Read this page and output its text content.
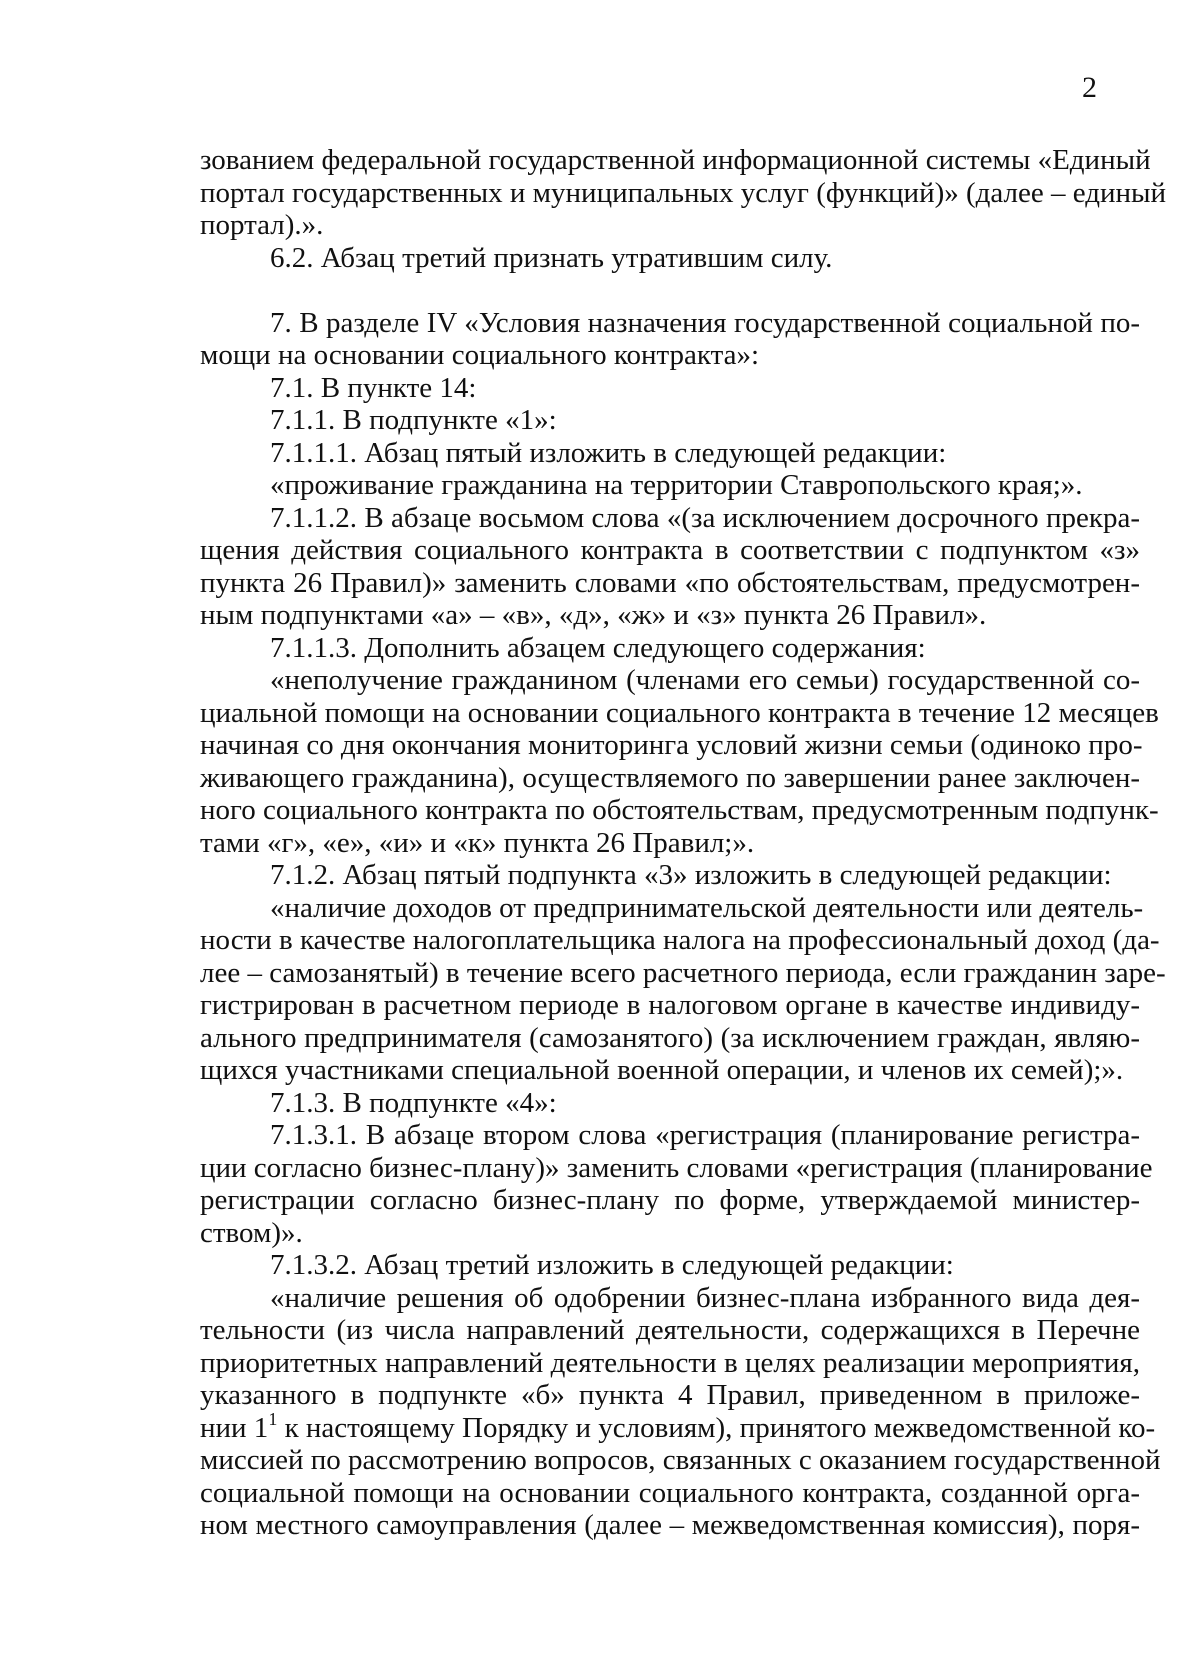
2
зованием федеральной государственной информационной системы «Единый
портал государственных и муниципальных услуг (функций)» (далее – единый
портал).».
6.2. Абзац третий признать утратившим силу.
7. В разделе IV «Условия назначения государственной социальной по-
мощи на основании социального контракта»:
7.1. В пункте 14:
7.1.1. В подпункте «1»:
7.1.1.1. Абзац пятый изложить в следующей редакции:
«проживание гражданина на территории Ставропольского края;».
7.1.1.2. В абзаце восьмом слова «(за исключением досрочного прекра-
щения действия социального контракта в соответствии с подпунктом «з»
пункта 26 Правил)» заменить словами «по обстоятельствам, предусмотрен-
ным подпунктами «а» – «в», «д», «ж» и «з» пункта 26 Правил».
7.1.1.3. Дополнить абзацем следующего содержания:
«неполучение гражданином (членами его семьи) государственной со-
циальной помощи на основании социального контракта в течение 12 месяцев
начиная со дня окончания мониторинга условий жизни семьи (одиноко про-
живающего гражданина), осуществляемого по завершении ранее заключен-
ного социального контракта по обстоятельствам, предусмотренным подпунк-
тами «г», «е», «и» и «к» пункта 26 Правил;».
7.1.2. Абзац пятый подпункта «3» изложить в следующей редакции:
«наличие доходов от предпринимательской деятельности или деятель-
ности в качестве налогоплательщика налога на профессиональный доход (да-
лее – самозанятый) в течение всего расчетного периода, если гражданин заре-
гистрирован в расчетном периоде в налоговом органе в качестве индивиду-
ального предпринимателя (самозанятого) (за исключением граждан, являю-
щихся участниками специальной военной операции, и членов их семей);».
7.1.3. В подпункте «4»:
7.1.3.1. В абзаце втором слова «регистрация (планирование регистра-
ции согласно бизнес-плану)» заменить словами «регистрация (планирование
регистрации согласно бизнес-плану по форме, утверждаемой министер-
ством)».
7.1.3.2. Абзац третий изложить в следующей редакции:
«наличие решения об одобрении бизнес-плана избранного вида дея-
тельности (из числа направлений деятельности, содержащихся в Перечне
приоритетных направлений деятельности в целях реализации мероприятия,
указанного в подпункте «б» пункта 4 Правил, приведенном в приложе-
нии $1^1$ к настоящему Порядку и условиям), принятого межведомственной ко-
миссией по рассмотрению вопросов, связанных с оказанием государственной
социальной помощи на основании социального контракта, созданной орга-
ном местного самоуправления (далее – межведомственная комиссия), поря-
